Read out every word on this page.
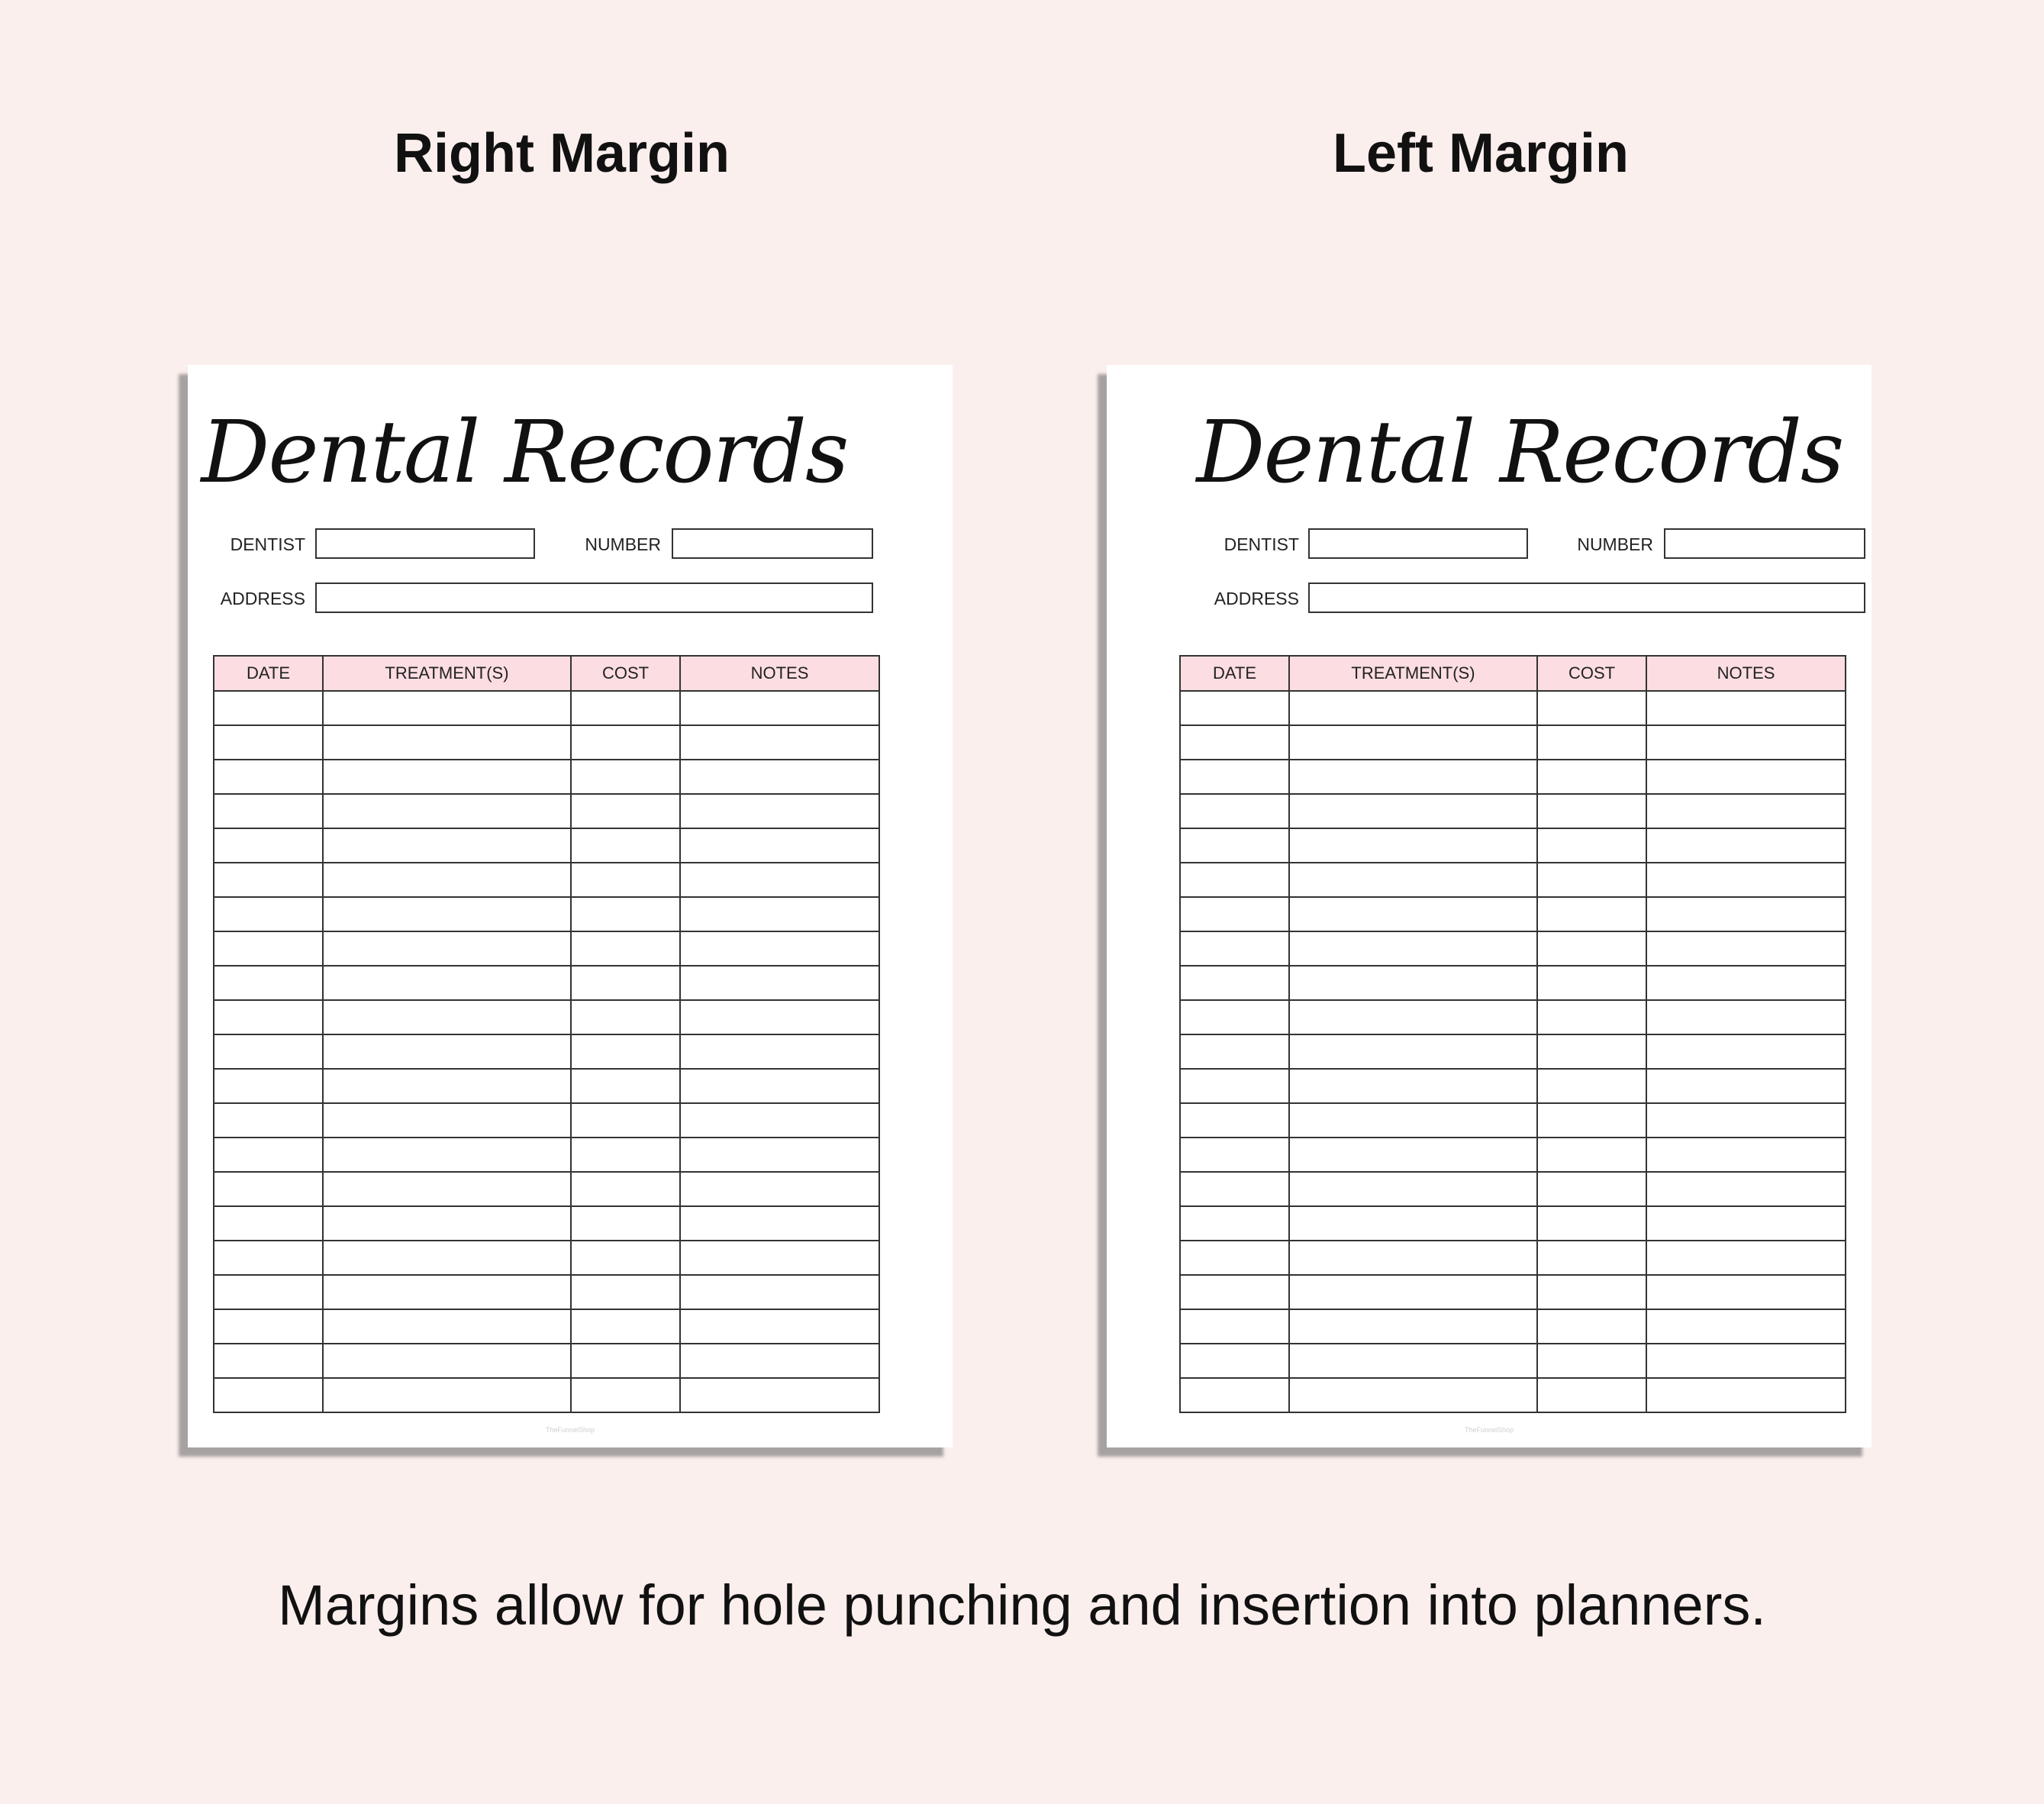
Right Margin	Left Margin
Dental Records
DENTIST	NUMBER
ADDRESS
DATE	TREATMENT(S)	COST	NOTES

TheFunnelShop
Dental Records
DENTIST	NUMBER
ADDRESS
DATE	TREATMENT(S)	COST	NOTES

TheFunnelShop
Margins allow for hole punching and insertion into planners.
